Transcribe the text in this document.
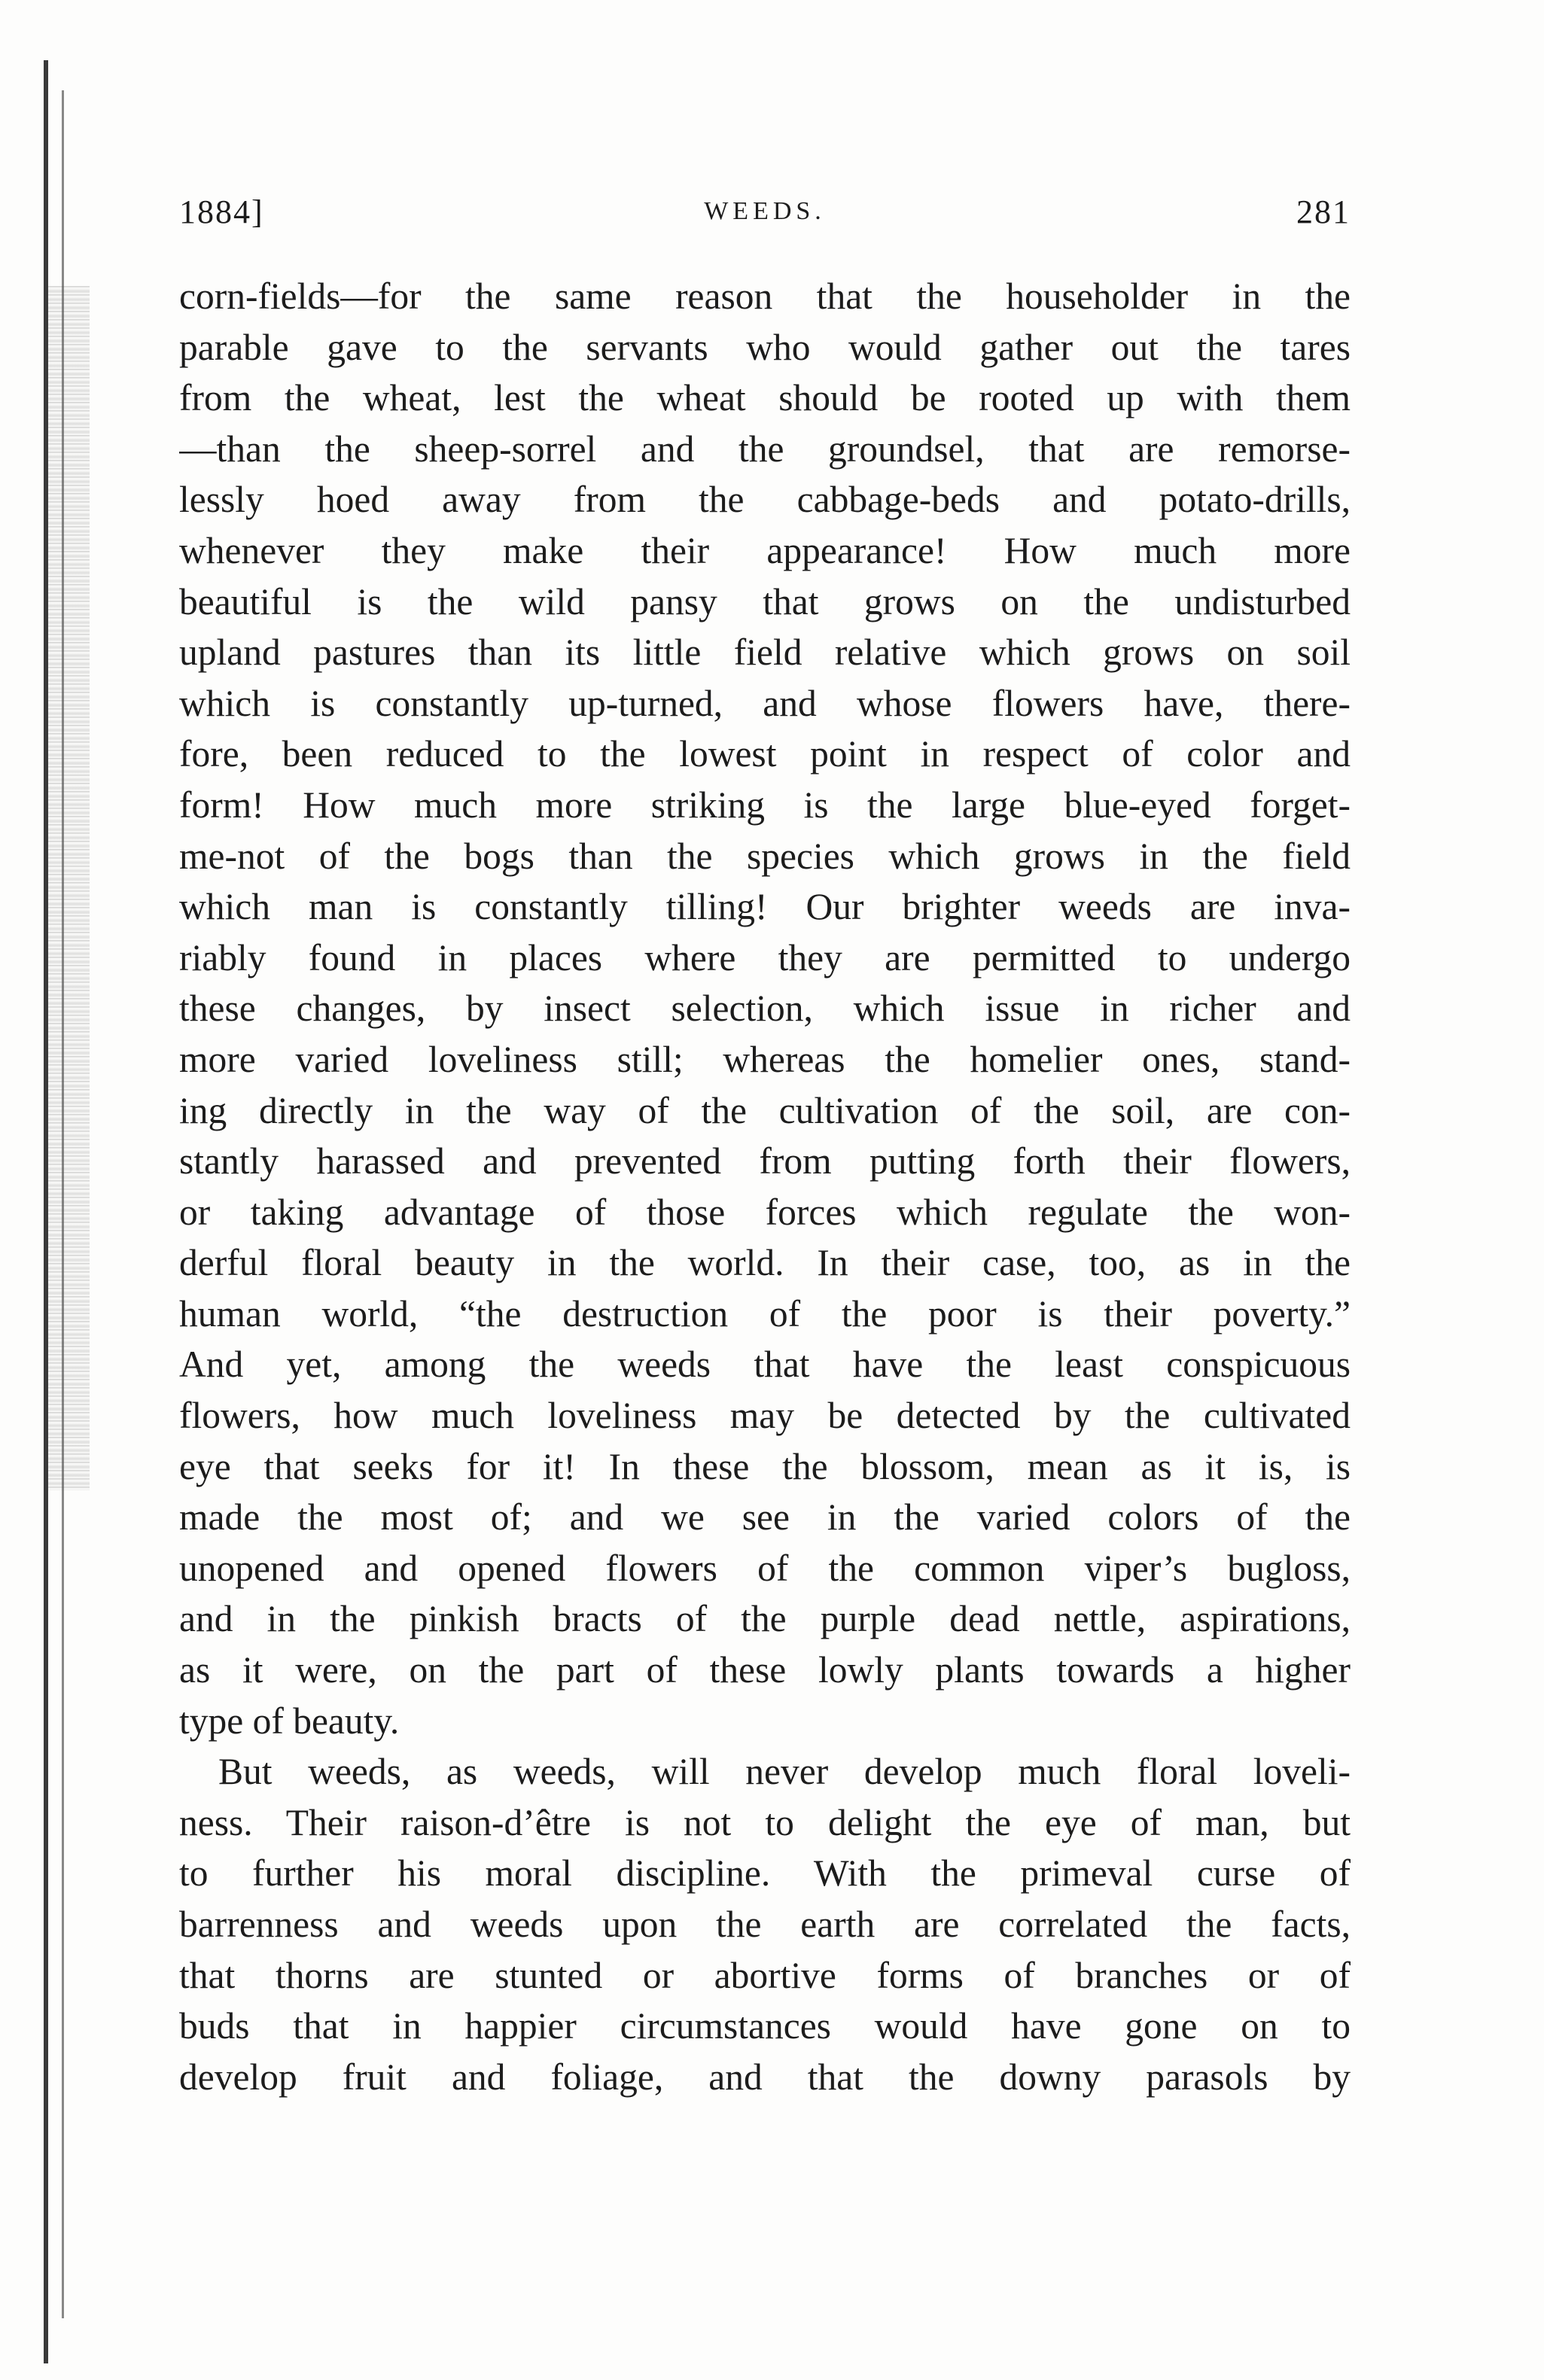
1884]	WEEDS.	281
corn-fields—for the same reason that the householder in the
parable gave to the servants who would gather out the tares
from the wheat, lest the wheat should be rooted up with them
—than the sheep-sorrel and the groundsel, that are remorse-
lessly hoed away from the cabbage-beds and potato-drills,
whenever they make their appearance! How much more
beautiful is the wild pansy that grows on the undisturbed
upland pastures than its little field relative which grows on soil
which is constantly up-turned, and whose flowers have, there-
fore, been reduced to the lowest point in respect of color and
form! How much more striking is the large blue-eyed forget-
me-not of the bogs than the species which grows in the field
which man is constantly tilling! Our brighter weeds are inva-
riably found in places where they are permitted to undergo
these changes, by insect selection, which issue in richer and
more varied loveliness still; whereas the homelier ones, stand-
ing directly in the way of the cultivation of the soil, are con-
stantly harassed and prevented from putting forth their flowers,
or taking advantage of those forces which regulate the won-
derful floral beauty in the world. In their case, too, as in the
human world, “the destruction of the poor is their poverty.”
And yet, among the weeds that have the least conspicuous
flowers, how much loveliness may be detected by the cultivated
eye that seeks for it! In these the blossom, mean as it is, is
made the most of; and we see in the varied colors of the
unopened and opened flowers of the common viper’s bugloss,
and in the pinkish bracts of the purple dead nettle, aspirations,
as it were, on the part of these lowly plants towards a higher
type of beauty.
But weeds, as weeds, will never develop much floral loveli-
ness. Their raison-d’être is not to delight the eye of man, but
to further his moral discipline. With the primeval curse of
barrenness and weeds upon the earth are correlated the facts,
that thorns are stunted or abortive forms of branches or of
buds that in happier circumstances would have gone on to
develop fruit and foliage, and that the downy parasols by
